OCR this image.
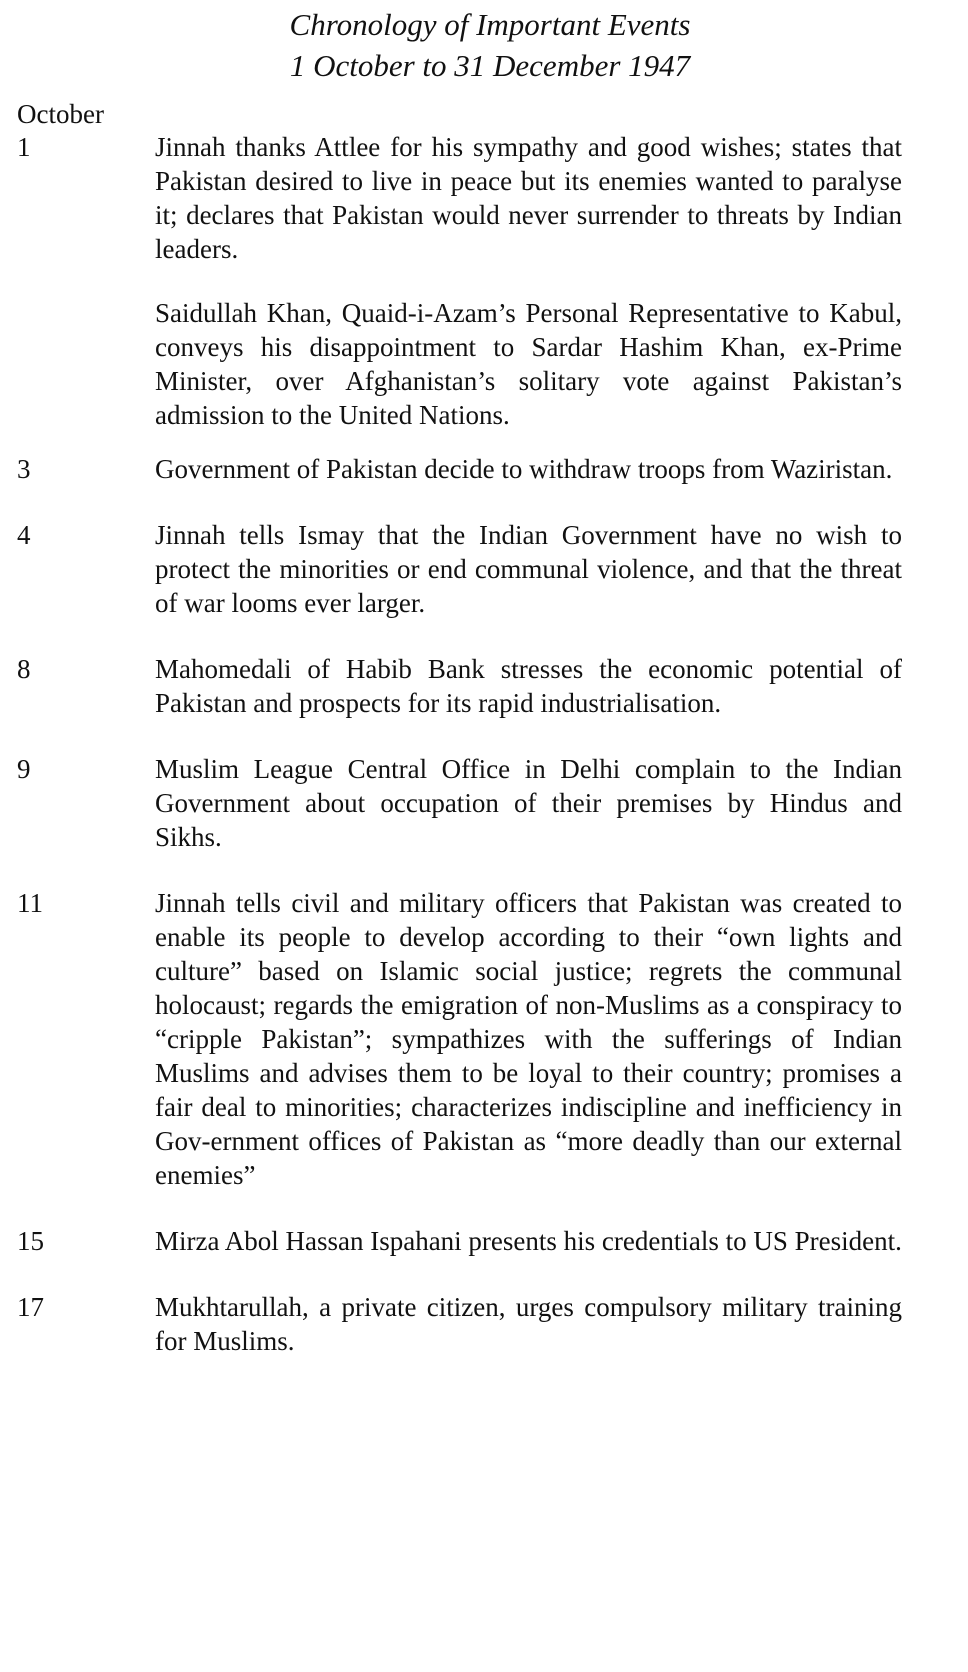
Chronology of Important Events
1 October to 31 December 1947
October
1	Jinnah thanks Attlee for his sympathy and good wishes; states that Pakistan desired to live in peace but its enemies wanted to paralyse it; declares that Pakistan would never surrender to threats by Indian leaders.

Saidullah Khan, Quaid-i-Azam’s Personal Representative to Kabul, conveys his disappointment to Sardar Hashim Khan, ex-Prime Minister, over Afghanistan’s solitary vote against Pakistan’s admission to the United Nations.

3	Government of Pakistan decide to withdraw troops from Waziristan.

4	Jinnah tells Ismay that the Indian Government have no wish to protect the minorities or end communal violence, and that the threat of war looms ever larger.

8	Mahomedali of Habib Bank stresses the economic potential of Pakistan and prospects for its rapid industrialisation.

9	Muslim League Central Office in Delhi complain to the Indian Government about occupation of their premises by Hindus and Sikhs.

11	Jinnah tells civil and military officers that Pakistan was created to enable its people to develop according to their “own lights and culture” based on Islamic social justice; regrets the communal holocaust; regards the emigration of non-Muslims as a conspiracy to “cripple Pakistan”; sympathizes with the sufferings of Indian Muslims and advises them to be loyal to their country; promises a fair deal to minorities; characterizes indiscipline and inefficiency in Gov-ernment offices of Pakistan as “more deadly than our external enemies”

15	Mirza Abol Hassan Ispahani presents his credentials to US President.

17	Mukhtarullah, a private citizen, urges compulsory military training for Muslims.
